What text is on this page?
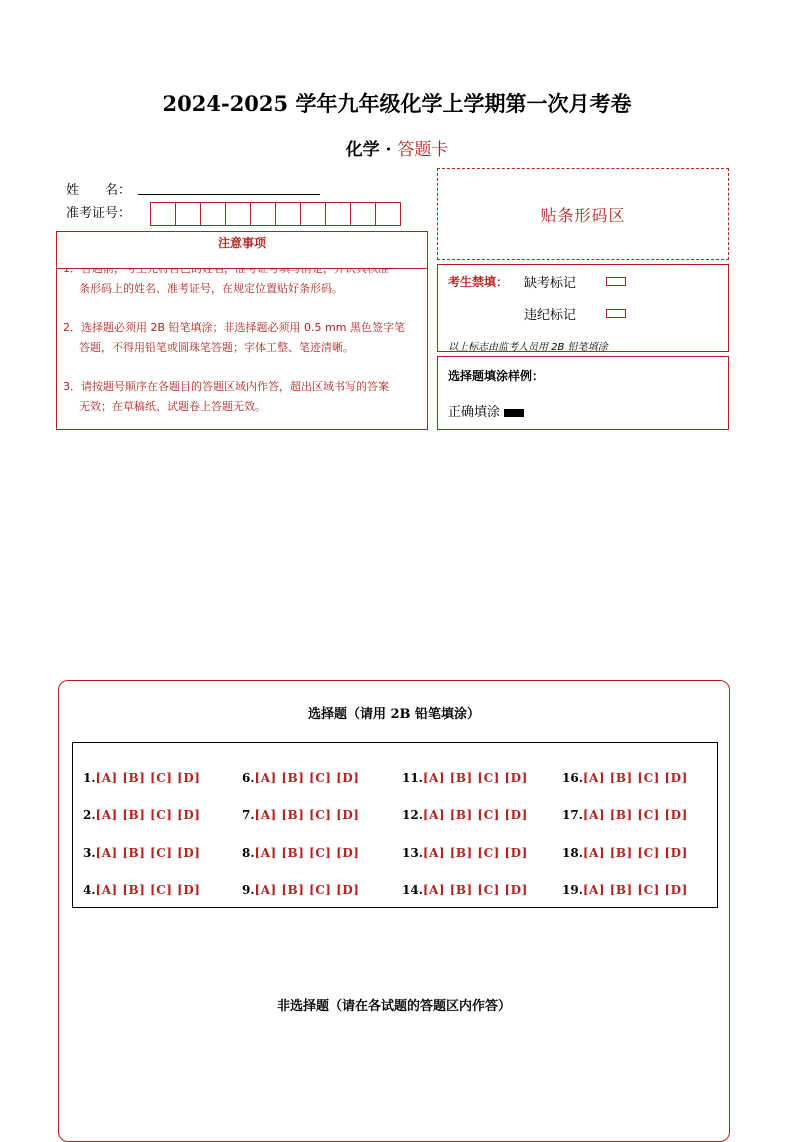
2024-2025 学年九年级化学上学期第一次月考卷
化学 · 答题卡
姓　　名：
准考证号：	贴条形码区
注意事项
条形码上的姓名、准考证号，在规定位置贴好条形码。
2．选择题必须用 2B 铅笔填涂；非选择题必须用 0.5 mm 黑色签字笔
答题，不得用铅笔或圆珠笔答题；字体工整、笔迹清晰。
3．请按题号顺序在各题目的答题区域内作答，超出区域书写的答案
无效；在草稿纸、试题卷上答题无效。
考生禁填： 缺考标记
违纪标记
以上标志由监考人员用 2B 铅笔填涂
选择题填涂样例：
正确填涂
选择题（请用 2B 铅笔填涂）
1.[A] [B] [C] [D]
2.[A] [B] [C] [D]
3.[A] [B] [C] [D]
4.[A] [B] [C] [D]
6.[A] [B] [C] [D]
7.[A] [B] [C] [D]
8.[A] [B] [C] [D]
9.[A] [B] [C] [D]
11.[A] [B] [C] [D]
12.[A] [B] [C] [D]
13.[A] [B] [C] [D]
14.[A] [B] [C] [D]
16.[A] [B] [C] [D]
17.[A] [B] [C] [D]
18.[A] [B] [C] [D]
19.[A] [B] [C] [D]
非选择题（请在各试题的答题区内作答）
